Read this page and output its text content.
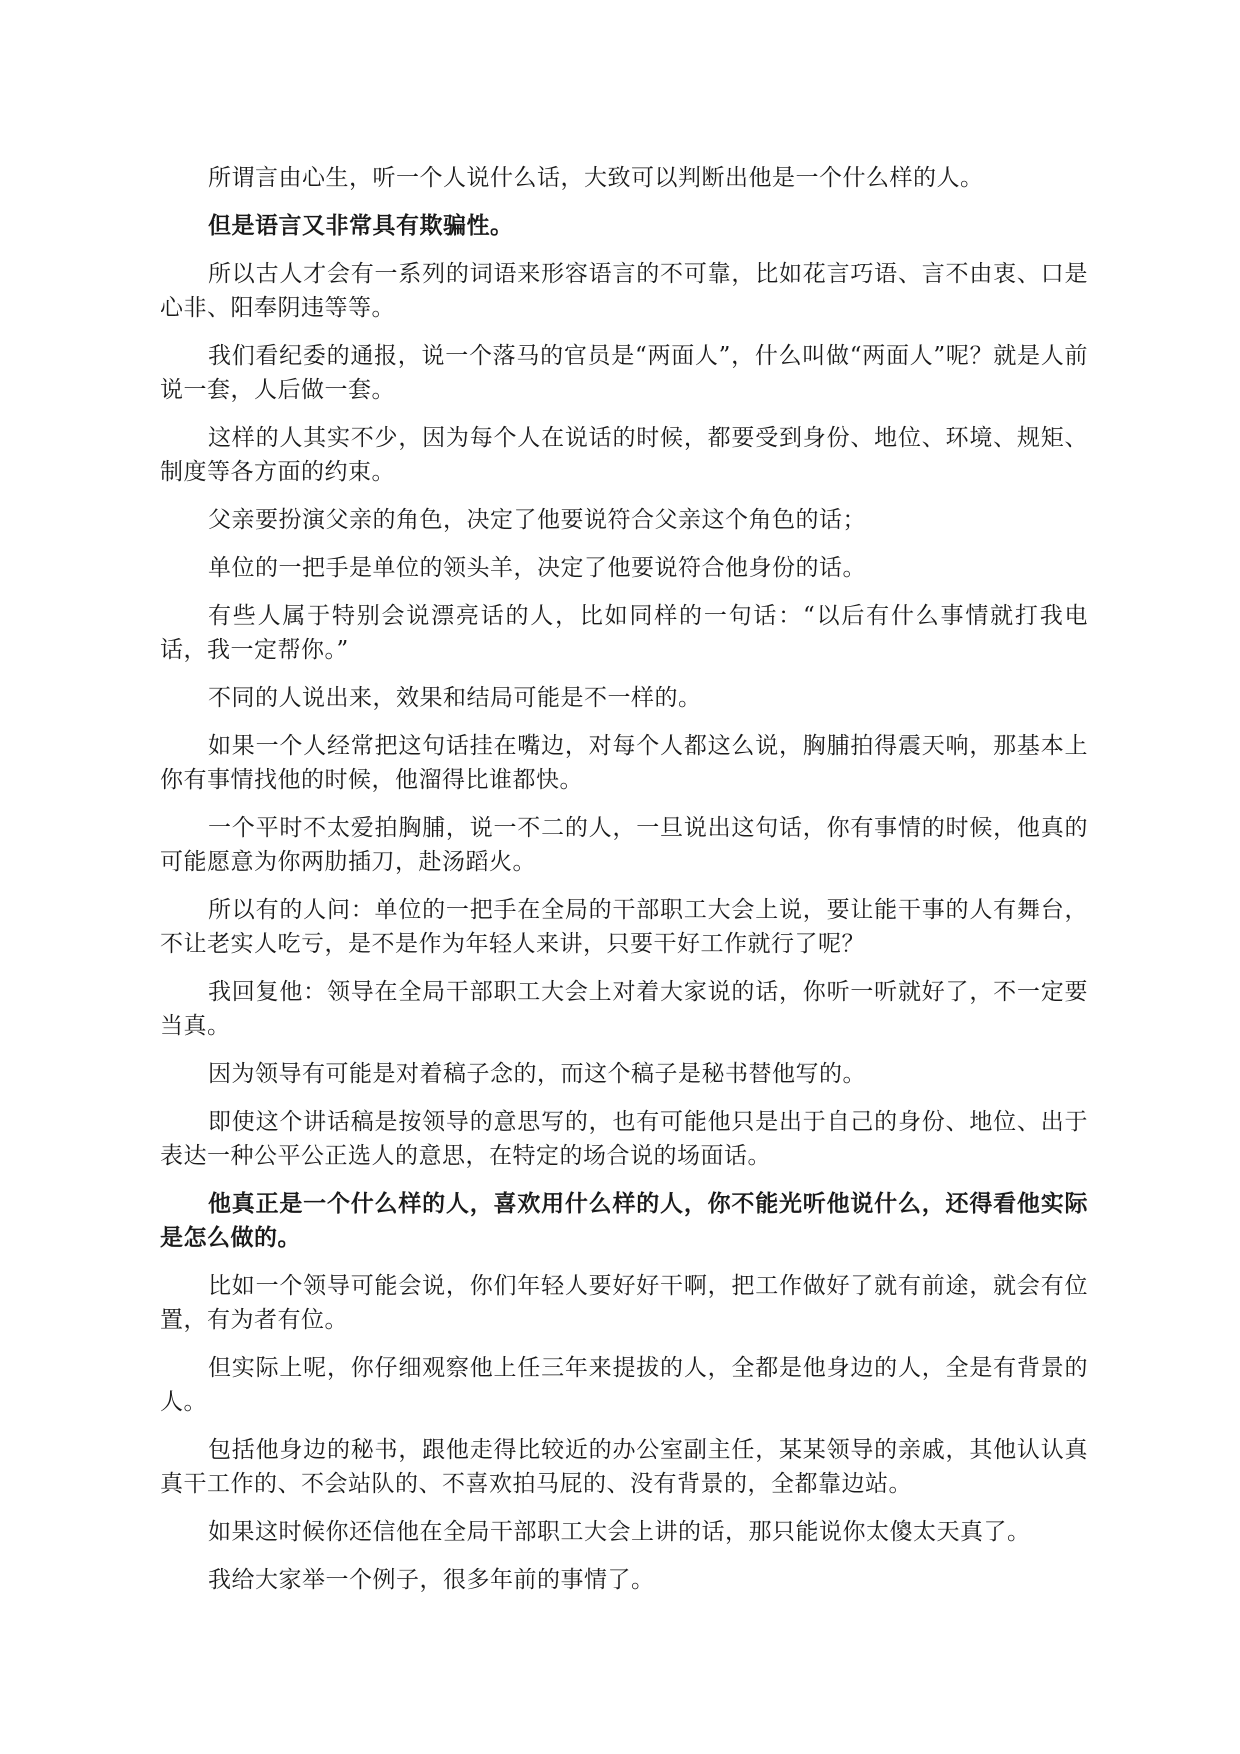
所谓言由心生，听一个人说什么话，大致可以判断出他是一个什么样的人。

但是语言又非常具有欺骗性。

所以古人才会有一系列的词语来形容语言的不可靠，比如花言巧语、言不由衷、口是心非、阳奉阴违等等。

我们看纪委的通报，说一个落马的官员是“两面人”，什么叫做“两面人”呢？就是人前说一套，人后做一套。

这样的人其实不少，因为每个人在说话的时候，都要受到身份、地位、环境、规矩、制度等各方面的约束。

父亲要扮演父亲的角色，决定了他要说符合父亲这个角色的话；

单位的一把手是单位的领头羊，决定了他要说符合他身份的话。

有些人属于特别会说漂亮话的人，比如同样的一句话：“以后有什么事情就打我电话，我一定帮你。”

不同的人说出来，效果和结局可能是不一样的。

如果一个人经常把这句话挂在嘴边，对每个人都这么说，胸脯拍得震天响，那基本上你有事情找他的时候，他溜得比谁都快。

一个平时不太爱拍胸脯，说一不二的人，一旦说出这句话，你有事情的时候，他真的可能愿意为你两肋插刀，赴汤蹈火。

所以有的人问：单位的一把手在全局的干部职工大会上说，要让能干事的人有舞台，不让老实人吃亏，是不是作为年轻人来讲，只要干好工作就行了呢？

我回复他：领导在全局干部职工大会上对着大家说的话，你听一听就好了，不一定要当真。

因为领导有可能是对着稿子念的，而这个稿子是秘书替他写的。

即使这个讲话稿是按领导的意思写的，也有可能他只是出于自己的身份、地位、出于表达一种公平公正选人的意思，在特定的场合说的场面话。

他真正是一个什么样的人，喜欢用什么样的人，你不能光听他说什么，还得看他实际是怎么做的。

比如一个领导可能会说，你们年轻人要好好干啊，把工作做好了就有前途，就会有位置，有为者有位。

但实际上呢，你仔细观察他上任三年来提拔的人，全都是他身边的人，全是有背景的人。

包括他身边的秘书，跟他走得比较近的办公室副主任，某某领导的亲戚，其他认认真真干工作的、不会站队的、不喜欢拍马屁的、没有背景的，全都靠边站。

如果这时候你还信他在全局干部职工大会上讲的话，那只能说你太傻太天真了。

我给大家举一个例子，很多年前的事情了。
